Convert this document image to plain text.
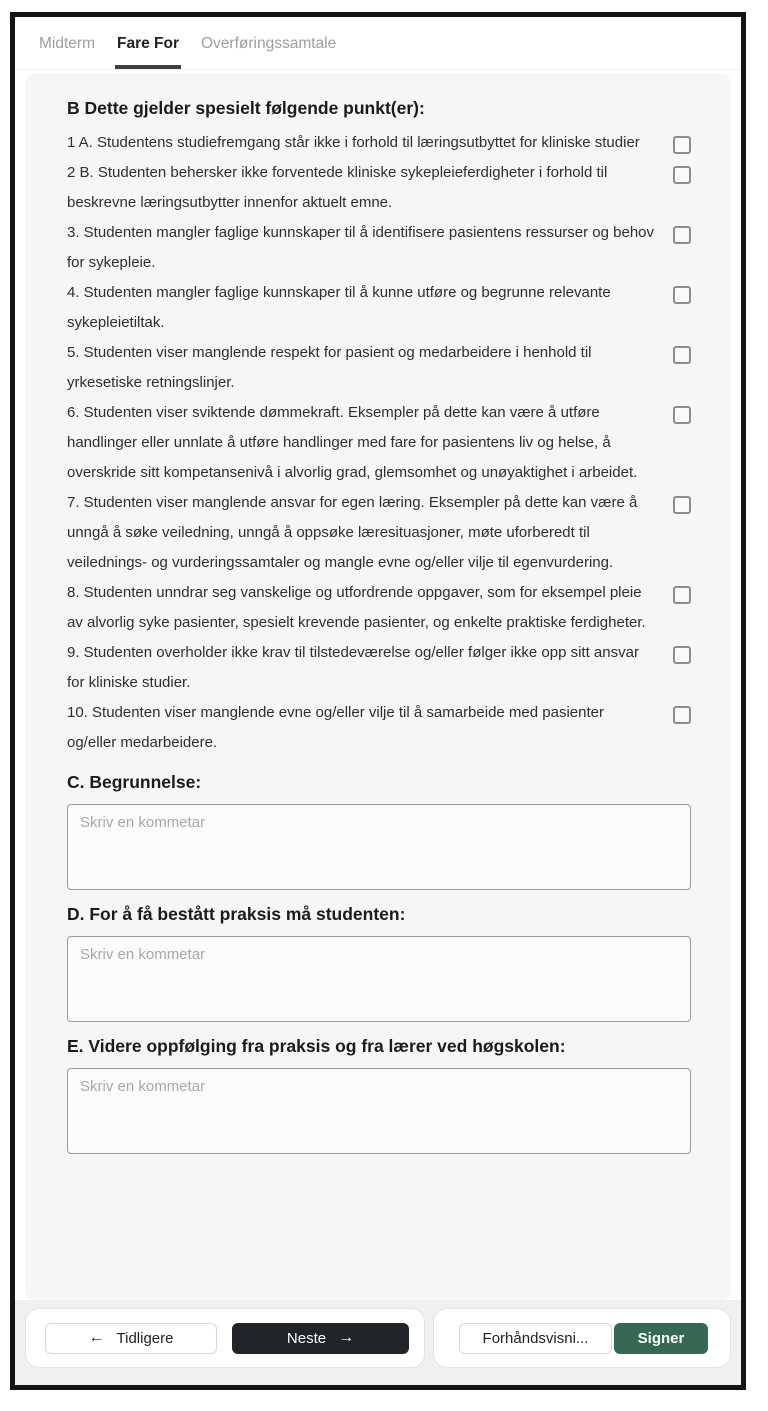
Midterm Fare For Overføringssamtale
B Dette gjelder spesielt følgende punkt(er):
1 A. Studentens studiefremgang står ikke i forhold til læringsutbyttet for kliniske studier
2 B. Studenten behersker ikke forventede kliniske sykepleieferdigheter i forhold til beskrevne læringsutbytter innenfor aktuelt emne.
3. Studenten mangler faglige kunnskaper til å identifisere pasientens ressurser og behov for sykepleie.
4. Studenten mangler faglige kunnskaper til å kunne utføre og begrunne relevante sykepleietiltak.
5. Studenten viser manglende respekt for pasient og medarbeidere i henhold til yrkesetiske retningslinjer.
6. Studenten viser sviktende dømmekraft. Eksempler på dette kan være å utføre handlinger eller unnlate å utføre handlinger med fare for pasientens liv og helse, å overskride sitt kompetansenivå i alvorlig grad, glemsomhet og unøyaktighet i arbeidet.
7. Studenten viser manglende ansvar for egen læring. Eksempler på dette kan være å unngå å søke veiledning, unngå å oppsøke læresituasjoner, møte uforberedt til veilednings- og vurderingssamtaler og mangle evne og/eller vilje til egenvurdering.
8. Studenten unndrar seg vanskelige og utfordrende oppgaver, som for eksempel pleie av alvorlig syke pasienter, spesielt krevende pasienter, og enkelte praktiske ferdigheter.
9. Studenten overholder ikke krav til tilstedeværelse og/eller følger ikke opp sitt ansvar for kliniske studier.
10. Studenten viser manglende evne og/eller vilje til å samarbeide med pasienter og/eller medarbeidere.
C. Begrunnelse:
Skriv en kommetar
D. For å få bestått praksis må studenten:
Skriv en kommetar
E. Videre oppfølging fra praksis og fra lærer ved høgskolen:
Skriv en kommetar
← Tidligere	Neste →	Forhåndsvisni...	Signer
